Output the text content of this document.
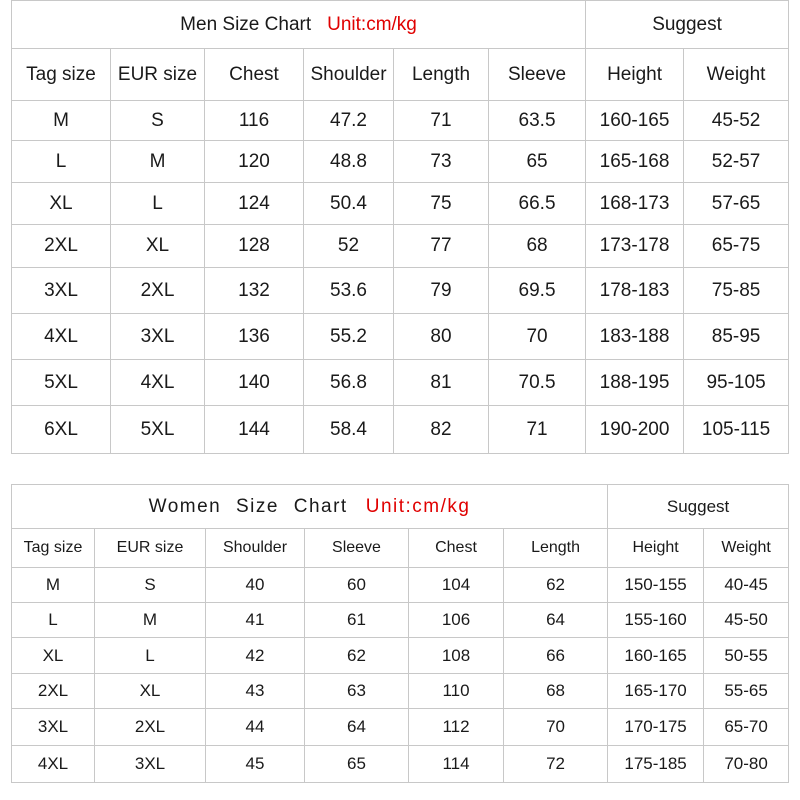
Men Size Chart Unit:cm/kg						Suggest	
Tag size	EUR size	Chest	Shoulder	Length	Sleeve	Height	Weight
M	S	116	47.2	71	63.5	160-165	45-52
L	M	120	48.8	73	65	165-168	52-57
XL	L	124	50.4	75	66.5	168-173	57-65
2XL	XL	128	52	77	68	173-178	65-75
3XL	2XL	132	53.6	79	69.5	178-183	75-85
4XL	3XL	136	55.2	80	70	183-188	85-95
5XL	4XL	140	56.8	81	70.5	188-195	95-105
6XL	5XL	144	58.4	82	71	190-200	105-115
Women Size Chart Unit:cm/kg						Suggest	
Tag size	EUR size	Shoulder	Sleeve	Chest	Length	Height	Weight
M	S	40	60	104	62	150-155	40-45
L	M	41	61	106	64	155-160	45-50
XL	L	42	62	108	66	160-165	50-55
2XL	XL	43	63	110	68	165-170	55-65
3XL	2XL	44	64	112	70	170-175	65-70
4XL	3XL	45	65	114	72	175-185	70-80
